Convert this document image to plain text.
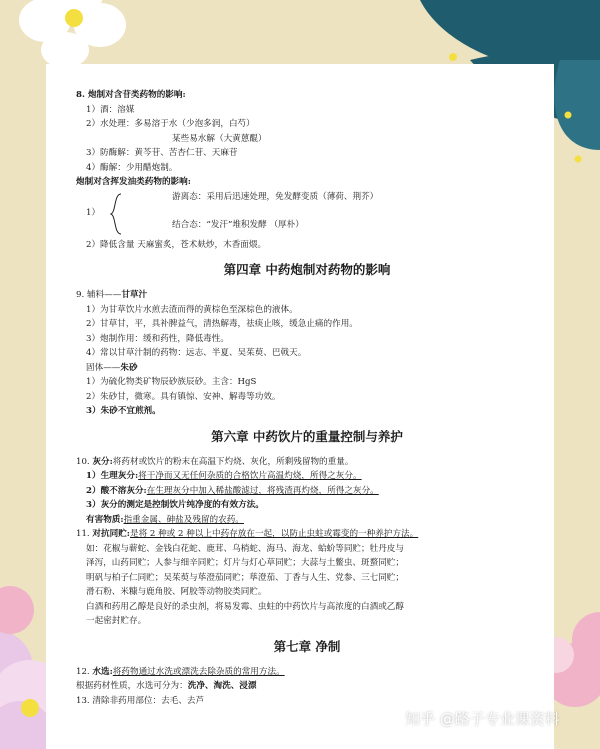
8. 炮制对含苷类药物的影响:
1）酒：溶媒
2）水处理：多易溶于水（少泡多润，白芍）
某些易水解（大黄蒽醌）
3）防酶解：黄芩苷、苦杏仁苷、天麻苷
4）酶解：少用醋炮制。
炮制对含挥发油类药物的影响:
1）
游离态：采用后迅速处理，免发酵变质（薄荷、荆芥）
结合态：“发汗”堆积发酵 （厚朴）
2）降低含量 天麻蜜炙，苍术麸炒，木香面煨。
第四章 中药炮制对药物的影响
9. 辅料——甘草汁
1）为甘草饮片水煎去渣而得的黄棕色至深棕色的液体。
2）甘草甘，平，具补脾益气，清热解毒，祛痰止咳，缓急止痛的作用。
3）炮制作用：缓和药性，降低毒性。
4）常以甘草汁制的药物：远志、半夏、吴茱萸、巴戟天。
固体——朱砂
1）为硫化物类矿物辰砂族辰砂。主含：HgS
2）朱砂甘，微寒。具有镇惊、安神、解毒等功效。
3）朱砂不宜煎剂。
第六章 中药饮片的重量控制与养护
10. 灰分:将药材或饮片的粉末在高温下灼烧、灰化，所剩残留物的重量。
1）生理灰分:将干净而又无任何杂质的合格饮片高温灼烧，所得之灰分。
2）酸不溶灰分:在生理灰分中加入稀盐酸滤过，将残渣再灼烧，所得之灰分。
3）灰分的测定是控制饮片纯净度的有效方法。
有害物质:指重金属、砷盐及残留的农药。
11. 对抗同贮:是将 2 种或 2 种以上中药存放在一起，以防止虫蛀或霉变的一种养护方法。
如：花椒与蕲蛇、金钱白花蛇、鹿茸、乌梢蛇、海马、海龙、蛤蚧等同贮；牡丹皮与
泽泻，山药同贮；人参与细辛同贮；灯片与灯心草同贮；大蒜与土鳖虫、斑蝥同贮；
明矾与柏子仁同贮；吴茱萸与荜澄茄同贮；荜澄茄、丁香与人生、党参、三七同贮；
滑石粉、米糠与鹿角胶、阿胶等动物胶类同贮。
白酒和药用乙醇是良好的杀虫剂，将易发霉、虫蛀的中药饮片与高浓度的白酒或乙醇
一起密封贮存。
第七章 净制
12. 水选:将药物通过水洗或漂洗去除杂质的常用方法。
根据药材性质，水选可分为：洗净、淘洗、浸漂
13. 清除非药用部位：去毛、去芦
知乎 @路子专业课资料
